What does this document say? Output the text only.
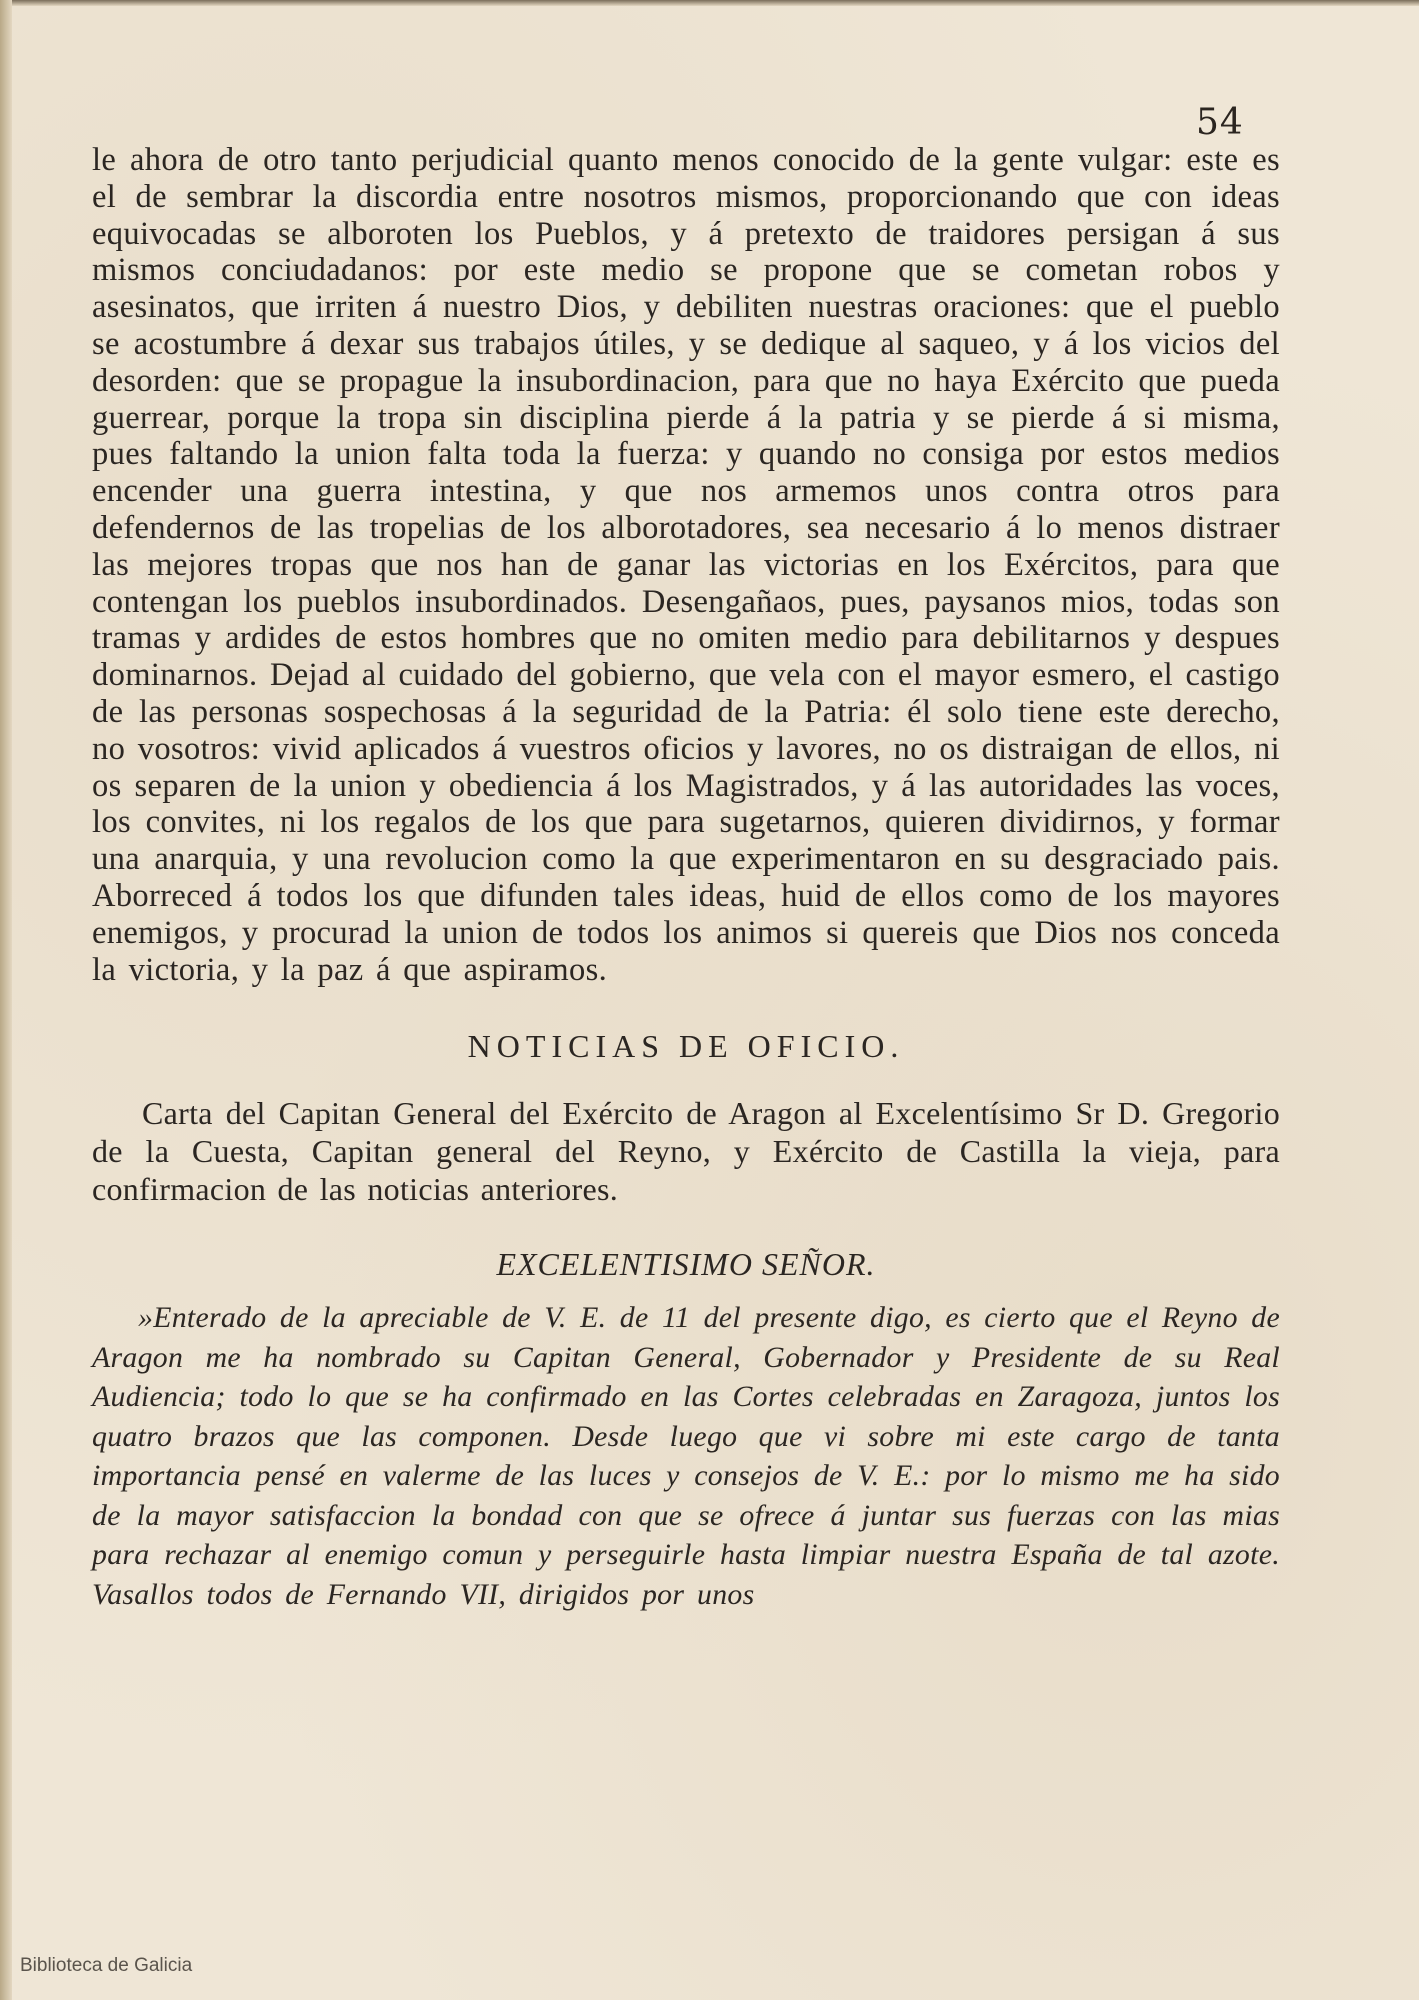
54

le ahora de otro tanto perjudicial quanto menos conocido de la gente vulgar: este es el de sembrar la discordia entre nosotros mismos, proporcionando que con ideas equivocadas se alboroten los Pueblos, y á pretexto de traidores persigan á sus mismos conciudadanos: por este medio se propone que se cometan robos y asesinatos, que irriten á nuestro Dios, y debiliten nuestras oraciones: que el pueblo se acostumbre á dexar sus trabajos útiles, y se dedique al saqueo, y á los vicios del desorden: que se propague la insubordinacion, para que no haya Exército que pueda guerrear, porque la tropa sin disciplina pierde á la patria y se pierde á si misma, pues faltando la union falta toda la fuerza: y quando no consiga por estos medios encender una guerra intestina, y que nos armemos unos contra otros para defendernos de las tropelias de los alborotadores, sea necesario á lo menos distraer las mejores tropas que nos han de ganar las victorias en los Exércitos, para que contengan los pueblos insubordinados. Desengañaos, pues, paysanos mios, todas son tramas y ardides de estos hombres que no omiten medio para debilitarnos y despues dominarnos. Dejad al cuidado del gobierno, que vela con el mayor esmero, el castigo de las personas sospechosas á la seguridad de la Patria: él solo tiene este derecho, no vosotros: vivid aplicados á vuestros oficios y lavores, no os distraigan de ellos, ni os separen de la union y obediencia á los Magistrados, y á las autoridades las voces, los convites, ni los regalos de los que para sugetarnos, quieren dividirnos, y formar una anarquia, y una revolucion como la que experimentaron en su desgraciado pais. Aborreced á todos los que difunden tales ideas, huid de ellos como de los mayores enemigos, y procurad la union de todos los animos si quereis que Dios nos conceda la victoria, y la paz á que aspiramos.

NOTICIAS DE OFICIO.

Carta del Capitan General del Exército de Aragon al Excelentísimo Sr D. Gregorio de la Cuesta, Capitan general del Reyno, y Exército de Castilla la vieja, para confirmacion de las noticias anteriores.

EXCELENTISIMO SEÑOR.

»Enterado de la apreciable de V. E. de 11 del presente digo, es cierto que el Reyno de Aragon me ha nombrado su Capitan General, Gobernador y Presidente de su Real Audiencia; todo lo que se ha confirmado en las Cortes celebradas en Zaragoza, juntos los quatro brazos que las componen. Desde luego que vi sobre mi este cargo de tanta importancia pensé en valerme de las luces y consejos de V. E.: por lo mismo me ha sido de la mayor satisfaccion la bondad con que se ofrece á juntar sus fuerzas con las mias para rechazar al enemigo comun y perseguirle hasta limpiar nuestra España de tal azote. Vasallos todos de Fernando VII, dirigidos por unos

Biblioteca de Galicia
